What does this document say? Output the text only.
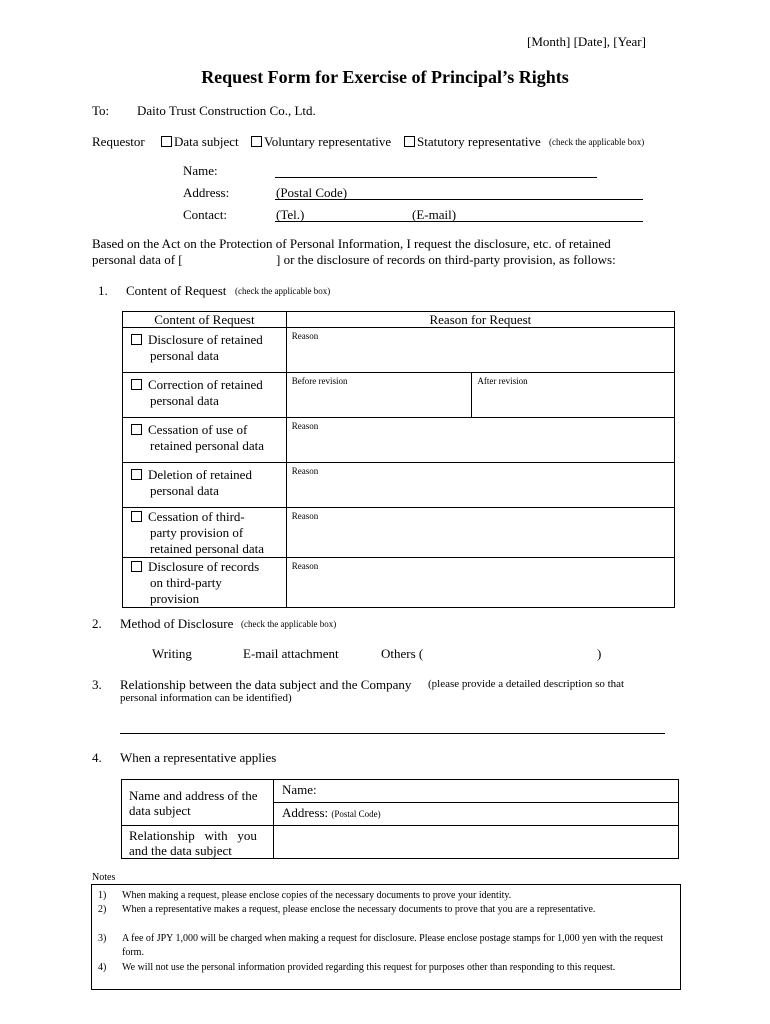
[Month] [Date], [Year]
Request Form for Exercise of Principal’s Rights
To: Daito Trust Construction Co., Ltd.
Requestor	Data subject	Voluntary representative	Statutory representative (check the applicable box)
Name:
Address:	(Postal Code)
Contact:	(Tel.)	(E-mail)
Based on the Act on the Protection of Personal Information, I request the disclosure, etc. of retained
personal data of [	] or the disclosure of records on third-party provision, as follows:
1. Content of Request (check the applicable box)
Content of Request	Reason for Request	

Disclosure of retained
personal data	Reason	

Correction of retained
personal data	Before revision	After revision

Cessation of use of
retained personal data	Reason	

Deletion of retained
personal data	Reason	

Cessation of third-
party provision of
retained personal data	Reason	

Disclosure of records
on third-party
provision	Reason	
2. Method of Disclosure (check the applicable box)
Writing	E-mail attachment	Others (	)
3. Relationship between the data subject and the Company (please provide a detailed description so that
personal information can be identified)
4. When a representative applies
Name and address of the
data subject	Name:

	Address: (Postal Code)

Relationship   with   you
and the data subject	

Notes
1) When making a request, please enclose copies of the necessary documents to prove your identity.
2) When a representative makes a request, please enclose the necessary documents to prove that you are a representative.
3) A fee of JPY 1,000 will be charged when making a request for disclosure. Please enclose postage stamps for 1,000 yen with the request form.
4) We will not use the personal information provided regarding this request for purposes other than responding to this request.
